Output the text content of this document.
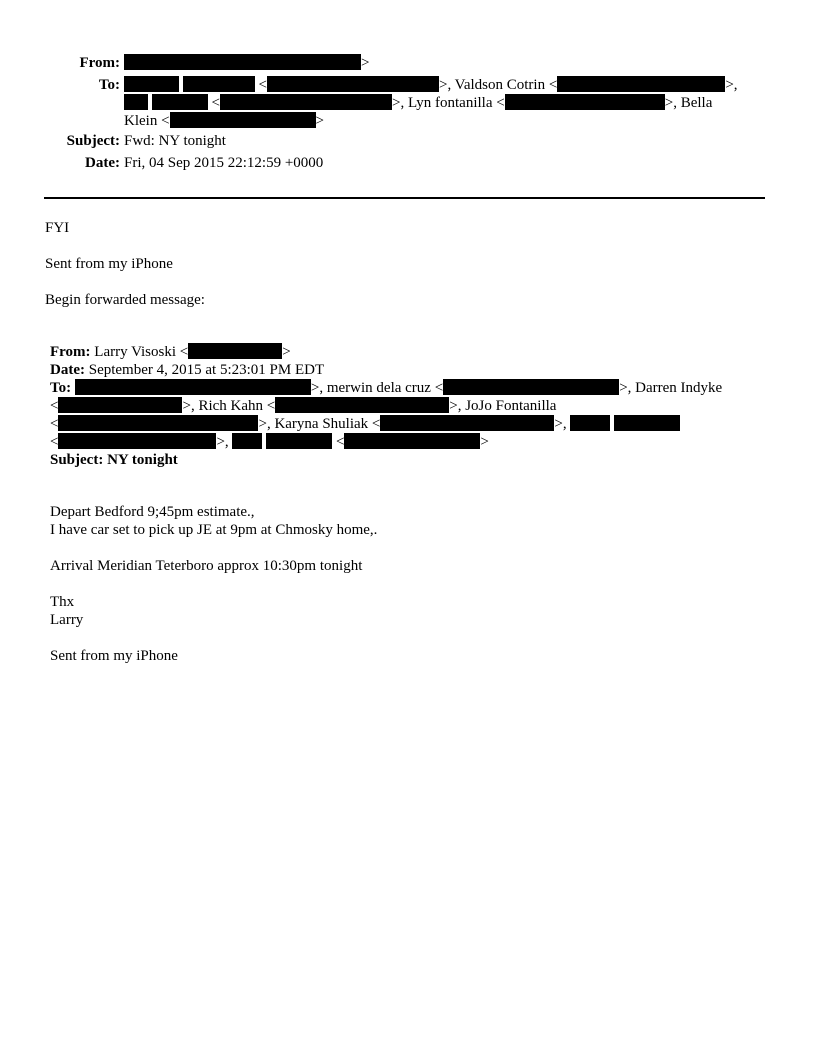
From:	>
To:	<	>, Valdson Cotrin <	>,
<	>, Lyn fontanilla <	>, Bella
Klein <	>
Subject: Fwd: NY tonight
Date: Fri, 04 Sep 2015 22:12:59 +0000
FYI
Sent from my iPhone
Begin forwarded message:
From: Larry Visoski <	>
Date: September 4, 2015 at 5:23:01 PM EDT
To:	>, merwin dela cruz <	>, Darren Indyke
<	>, Rich Kahn <	>, JoJo Fontanilla
<	>, Karyna Shuliak <	>,
<	>,	<	>
Subject: NY tonight
Depart Bedford 9;45pm estimate.,
I have car set to pick up JE at 9pm at Chmosky home,.
Arrival Meridian Teterboro approx 10:30pm tonight
Thx
Larry
Sent from my iPhone
